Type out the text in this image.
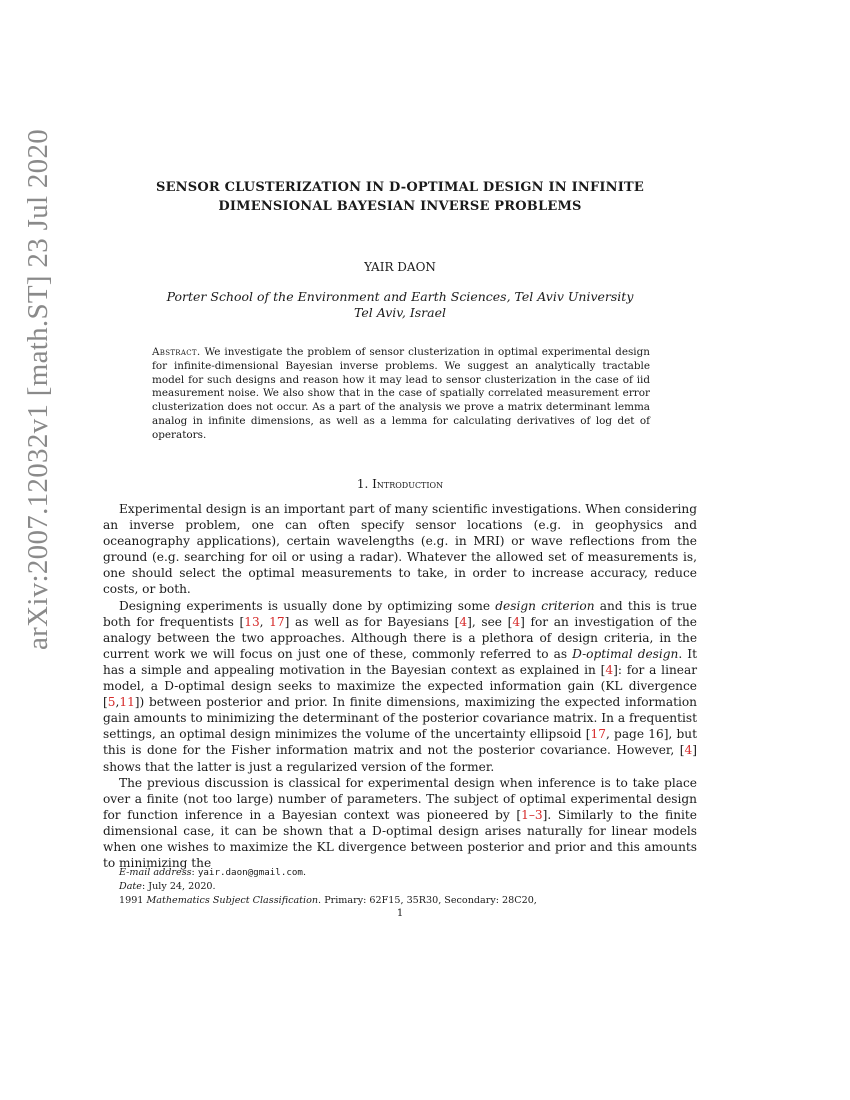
arXiv:2007.12032v1 [math.ST] 23 Jul 2020	SENSOR CLUSTERIZATION IN D-OPTIMAL DESIGN IN INFINITE
DIMENSIONAL BAYESIAN INVERSE PROBLEMS
YAIR DAON
Porter School of the Environment and Earth Sciences, Tel Aviv University
Tel Aviv, Israel
Abstract. We investigate the problem of sensor clusterization in optimal experimental design for infinite-dimensional Bayesian inverse problems. We suggest an analytically tractable model for such designs and reason how it may lead to sensor clusterization in the case of iid measurement noise. We also show that in the case of spatially correlated measurement error clusterization does not occur. As a part of the analysis we prove a matrix determinant lemma analog in infinite dimensions, as well as a lemma for calculating derivatives of log det of operators.
1. Introduction

Experimental design is an important part of many scientific investigations. When considering an inverse problem, one can often specify sensor locations (e.g. in geophysics and oceanography applications), certain wavelengths (e.g. in MRI) or wave reflections from the ground (e.g. searching for oil or using a radar). Whatever the allowed set of measurements is, one should select the optimal measurements to take, in order to increase accuracy, reduce costs, or both.

Designing experiments is usually done by optimizing some design criterion and this is true both for frequentists [13, 17] as well as for Bayesians [4], see [4] for an investigation of the analogy between the two approaches. Although there is a plethora of design criteria, in the current work we will focus on just one of these, commonly referred to as D-optimal design. It has a simple and appealing motivation in the Bayesian context as explained in [4]: for a linear model, a D-optimal design seeks to maximize the expected information gain (KL divergence [5,11]) between posterior and prior. In finite dimensions, maximizing the expected information gain amounts to minimizing the determinant of the posterior covariance matrix. In a frequentist settings, an optimal design minimizes the volume of the uncertainty ellipsoid [17, page 16], but this is done for the Fisher information matrix and not the posterior covariance. However, [4] shows that the latter is just a regularized version of the former.

The previous discussion is classical for experimental design when inference is to take place over a finite (not too large) number of parameters. The subject of optimal experimental design for function inference in a Bayesian context was pioneered by [1–3]. Similarly to the finite dimensional case, it can be shown that a D-optimal design arises naturally for linear models when one wishes to maximize the KL divergence between posterior and prior and this amounts to minimizing the

E-mail address: yair.daon@gmail.com.
Date: July 24, 2020.
1991 Mathematics Subject Classification. Primary: 62F15, 35R30, Secondary: 28C20,
1
